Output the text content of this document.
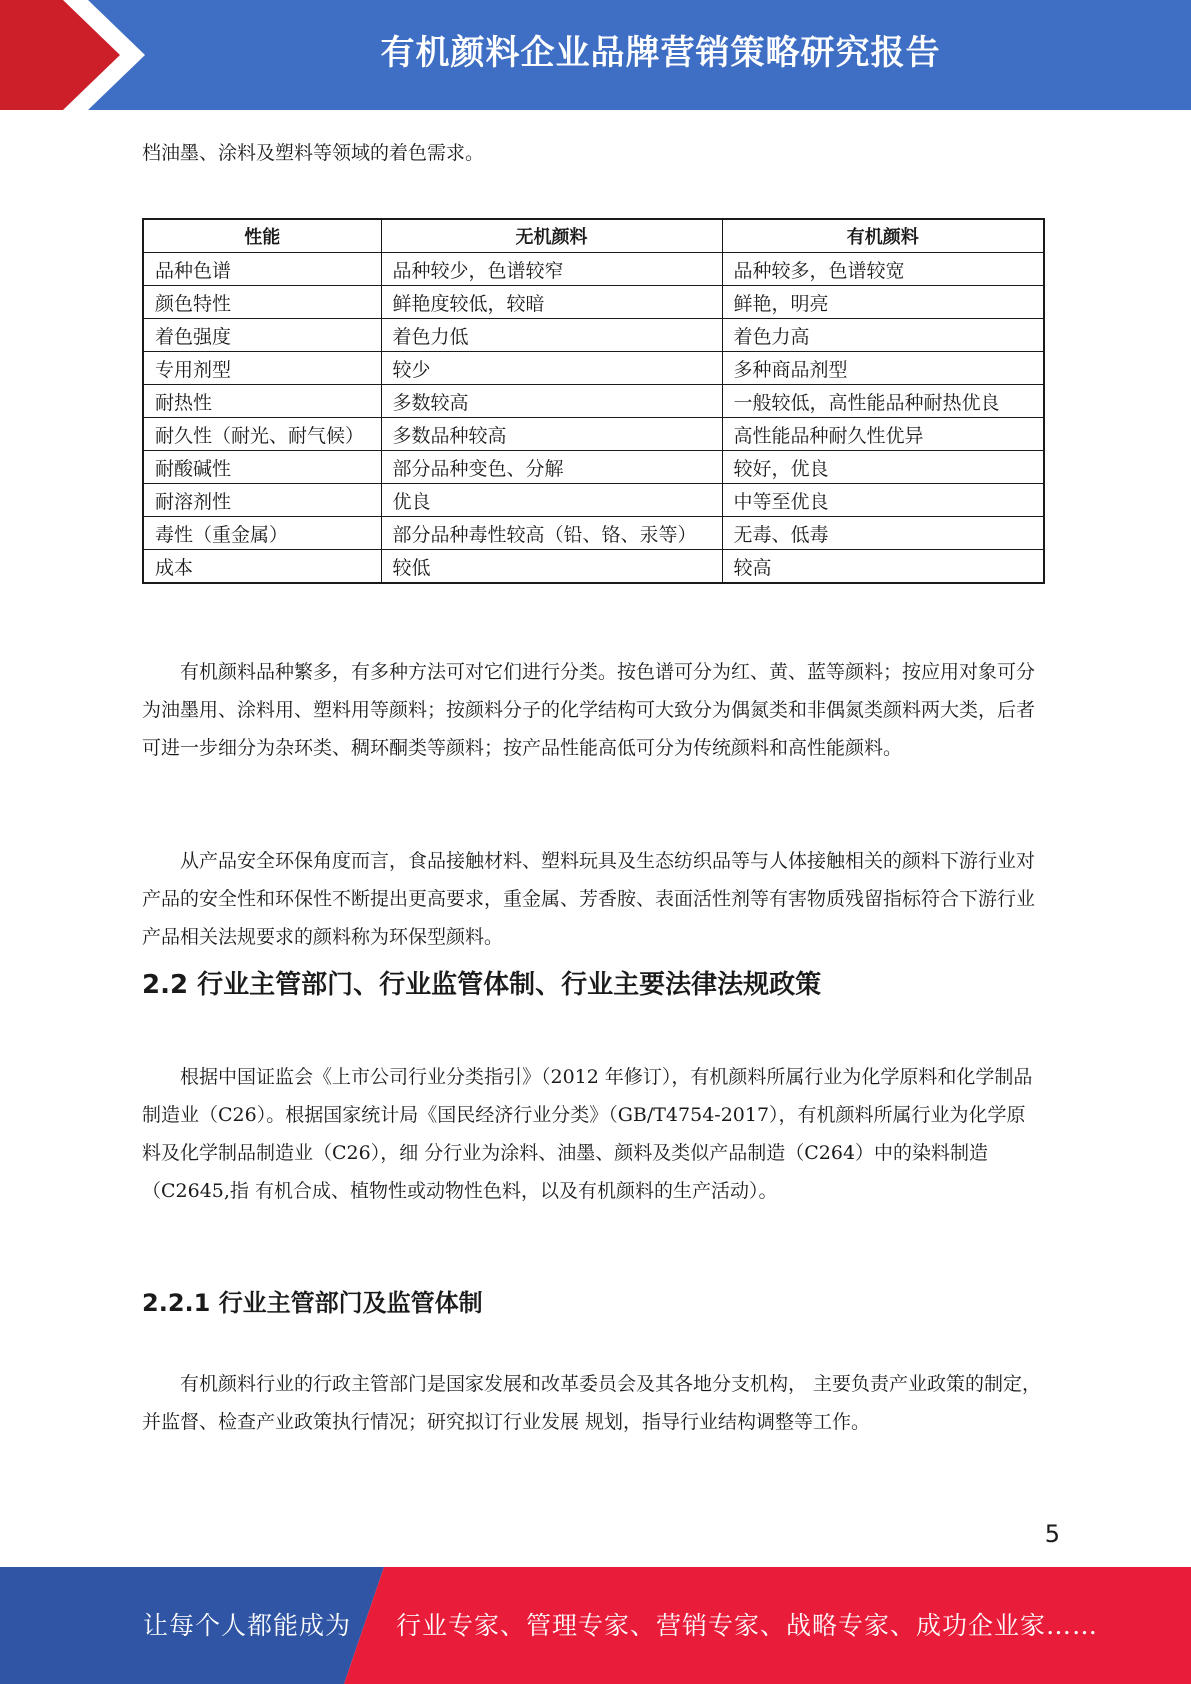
有机颜料企业品牌营销策略研究报告
档油墨、涂料及塑料等领域的着色需求。
性能	无机颜料	有机颜料
品种色谱	品种较少，色谱较窄	品种较多，色谱较宽
颜色特性	鲜艳度较低，较暗	鲜艳，明亮
着色强度	着色力低	着色力高
专用剂型	较少	多种商品剂型
耐热性	多数较高	一般较低，高性能品种耐热优良
耐久性（耐光、耐气候）	多数品种较高	高性能品种耐久性优异
耐酸碱性	部分品种变色、分解	较好，优良
耐溶剂性	优良	中等至优良
毒性（重金属）	部分品种毒性较高（铅、铬、汞等）	无毒、低毒
成本	较低	较高

有机颜料品种繁多，有多种方法可对它们进行分类。按色谱可分为红、黄、蓝等颜料；按应用对象可分为油墨用、涂料用、塑料用等颜料；按颜料分子的化学结构可大致分为偶氮类和非偶氮类颜料两大类，后者可进一步细分为杂环类、稠环酮类等颜料；按产品性能高低可分为传统颜料和高性能颜料。

从产品安全环保角度而言，食品接触材料、塑料玩具及生态纺织品等与人体接触相关的颜料下游行业对产品的安全性和环保性不断提出更高要求，重金属、芳香胺、表面活性剂等有害物质残留指标符合下游行业产品相关法规要求的颜料称为环保型颜料。

2.2 行业主管部门、行业监管体制、行业主要法律法规政策

根据中国证监会《上市公司行业分类指引》（2012 年修订），有机颜料所属行业为化学原料和化学制品制造业（C26）。根据国家统计局《国民经济行业分类》（GB/T4754-2017），有机颜料所属行业为化学原料及化学制品制造业（C26），细 分行业为涂料、油墨、颜料及类似产品制造（C264）中的染料制造（C2645,指 有机合成、植物性或动物性色料，以及有机颜料的生产活动）。

2.2.1 行业主管部门及监管体制

有机颜料行业的行政主管部门是国家发展和改革委员会及其各地分支机构， 主要负责产业政策的制定，并监督、检查产业政策执行情况；研究拟订行业发展 规划，指导行业结构调整等工作。

5
让每个人都能成为 行业专家、管理专家、营销专家、战略专家、成功企业家……
